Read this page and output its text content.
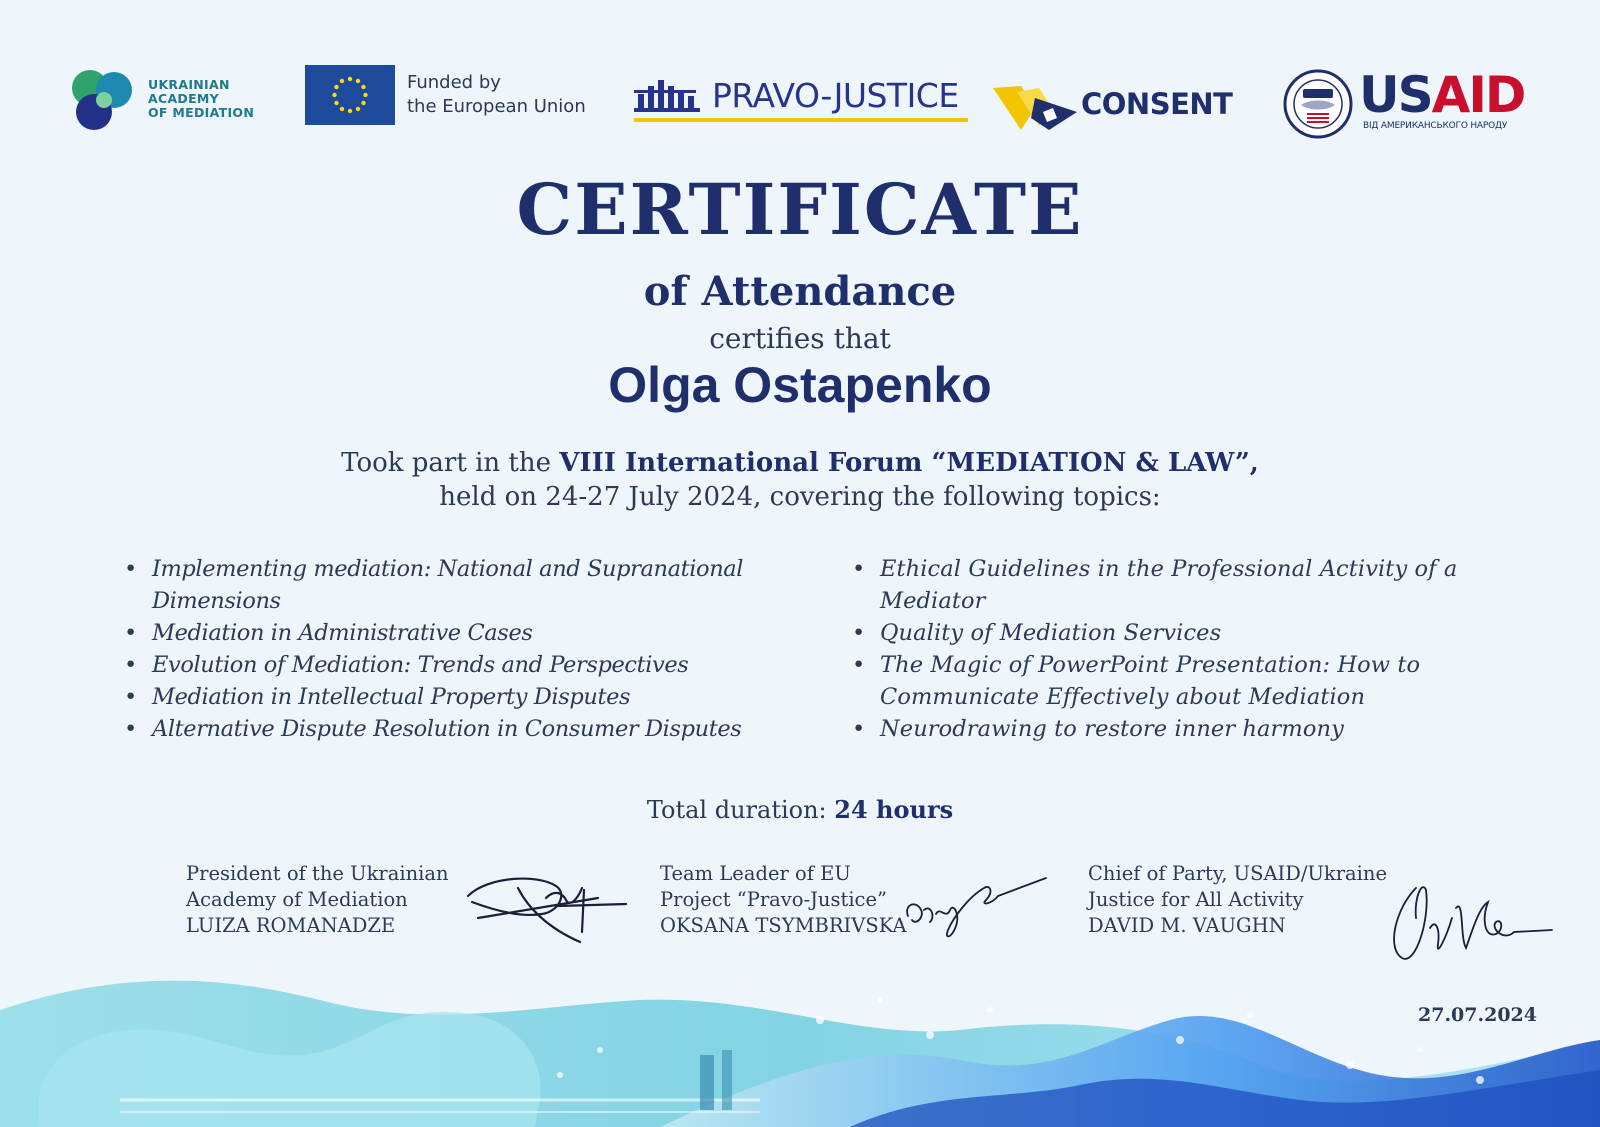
UKRAINIAN
ACADEMY
OF MEDIATION
Funded by
the European Union	PRAVO-JUSTICE	CONSENT	USAID
ВІД АМЕРИКАНСЬКОГО НАРОДУ
CERTIFICATE
of Attendance
certifies that
Olga Ostapenko
Took part in the VIII International Forum “MEDIATION & LAW”,
held on 24-27 July 2024, covering the following topics:
• Implementing mediation: National and Supranational Dimensions
• Mediation in Administrative Cases
• Evolution of Mediation: Trends and Perspectives
• Mediation in Intellectual Property Disputes
• Alternative Dispute Resolution in Consumer Disputes
• Ethical Guidelines in the Professional Activity of a Mediator
• Quality of Mediation Services
• The Magic of PowerPoint Presentation: How to Communicate Effectively about Mediation
• Neurodrawing to restore inner harmony
Total duration: 24 hours
President of the Ukrainian
Academy of Mediation
LUIZA ROMANADZE
Team Leader of EU
Project “Pravo-Justice”
OKSANA TSYMBRIVSKA
Chief of Party, USAID/Ukraine
Justice for All Activity
DAVID M. VAUGHN
27.07.2024
